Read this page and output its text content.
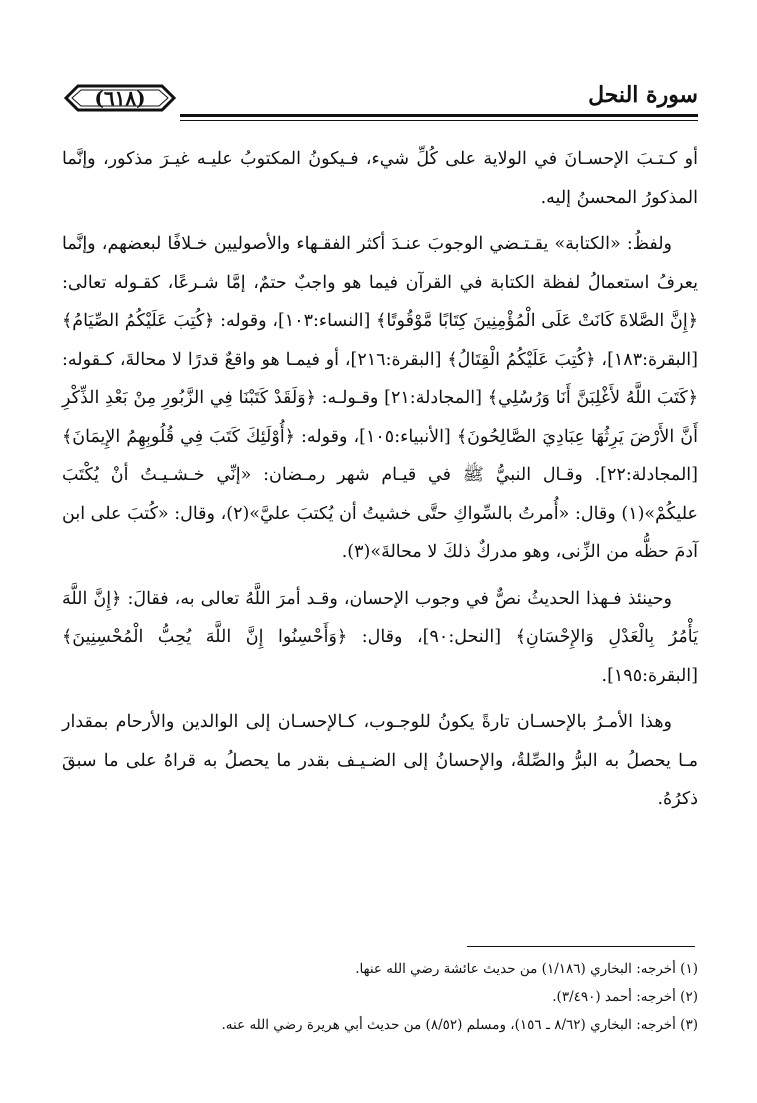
(٦١٨)	سورة النحل

أو كـتـبَ الإحسـانَ في الولاية على كُلِّ شيء، فـيكونُ المكتوبُ عليـه غيـرَ مذكور، وإنَّما المذكورُ المحسنُ إليه.

ولفظُ: «الكتابة» يقـتـضي الوجوبَ عنـدَ أكثر الفقـهاء والأصوليين خـلافًا لبعضهم، وإنَّما يعرفُ استعمالُ لفظة الكتابة في القرآن فيما هو واجبٌ حتمٌ، إمَّا شـرعًا، كقـوله تعالى: ﴿إِنَّ الصَّلاةَ كَانَتْ عَلَى الْمُؤْمِنِينَ كِتَابًا مَّوْقُوتًا﴾ [النساء:١٠٣]، وقوله: ﴿كُتِبَ عَلَيْكُمُ الصِّيَامُ﴾ [البقرة:١٨٣]، ﴿كُتِبَ عَلَيْكُمُ الْقِتَالُ﴾ [البقرة:٢١٦]، أو فيمـا هو واقعٌ قدرًا لا محالةَ، كـقوله: ﴿كَتَبَ اللَّهُ لأَغْلِبَنَّ أَنَا وَرُسُلِي﴾ [المجادلة:٢١] وقـولـه: ﴿وَلَقَدْ كَتَبْنَا فِي الزَّبُورِ مِنْ بَعْدِ الذِّكْرِ أَنَّ الأَرْضَ يَرِثُهَا عِبَادِيَ الصَّالِحُونَ﴾ [الأنبياء:١٠٥]، وقوله: ﴿أُوْلَئِكَ كَتَبَ فِي قُلُوبِهِمُ الإِيمَانَ﴾ [المجادلة:٢٢]. وقـال النبيُّ ﷺ في قيـام شهر رمـضان: «إنِّي خـشـيـتُ أنْ يُكْتَبَ عليكُمْ»(١) وقال: «أُمرتُ بالسِّواكِ حتَّى خشيتُ أن يُكتبَ عليَّ»(٢)، وقال: «كُتبَ على ابن آدمَ حظُّه من الزِّنى، وهو مدركٌ ذلكَ لا محالةَ»(٣).

وحينئذ فـهذا الحديثُ نصٌّ في وجوب الإحسان، وقـد أمرَ اللَّهُ تعالى به، فقالَ: ﴿إِنَّ اللَّهَ يَأْمُرُ بِالْعَدْلِ وَالإِحْسَانِ﴾ [النحل:٩٠]، وقال: ﴿وَأَحْسِنُوا إِنَّ اللَّهَ يُحِبُّ الْمُحْسِنِينَ﴾ [البقرة:١٩٥].

وهذا الأمـرُ بالإحسـان تارةً يكونُ للوجـوب، كـالإحسـان إلى الوالدين والأرحام بمقدار مـا يحصلُ به البرُّ والصِّلةُ، والإحسانُ إلى الضـيـف بقدر ما يحصلُ به قراهُ على ما سبقَ ذكرُهُ.

(١) أخرجه: البخاري (١/١٨٦) من حديث عائشة رضي الله عنها.

(٢) أخرجه: أحمد (٣/٤٩٠).

(٣) أخرجه: البخاري (٨/٦٢ ـ ١٥٦)، ومسلم (٨/٥٢) من حديث أبي هريرة رضي الله عنه.
